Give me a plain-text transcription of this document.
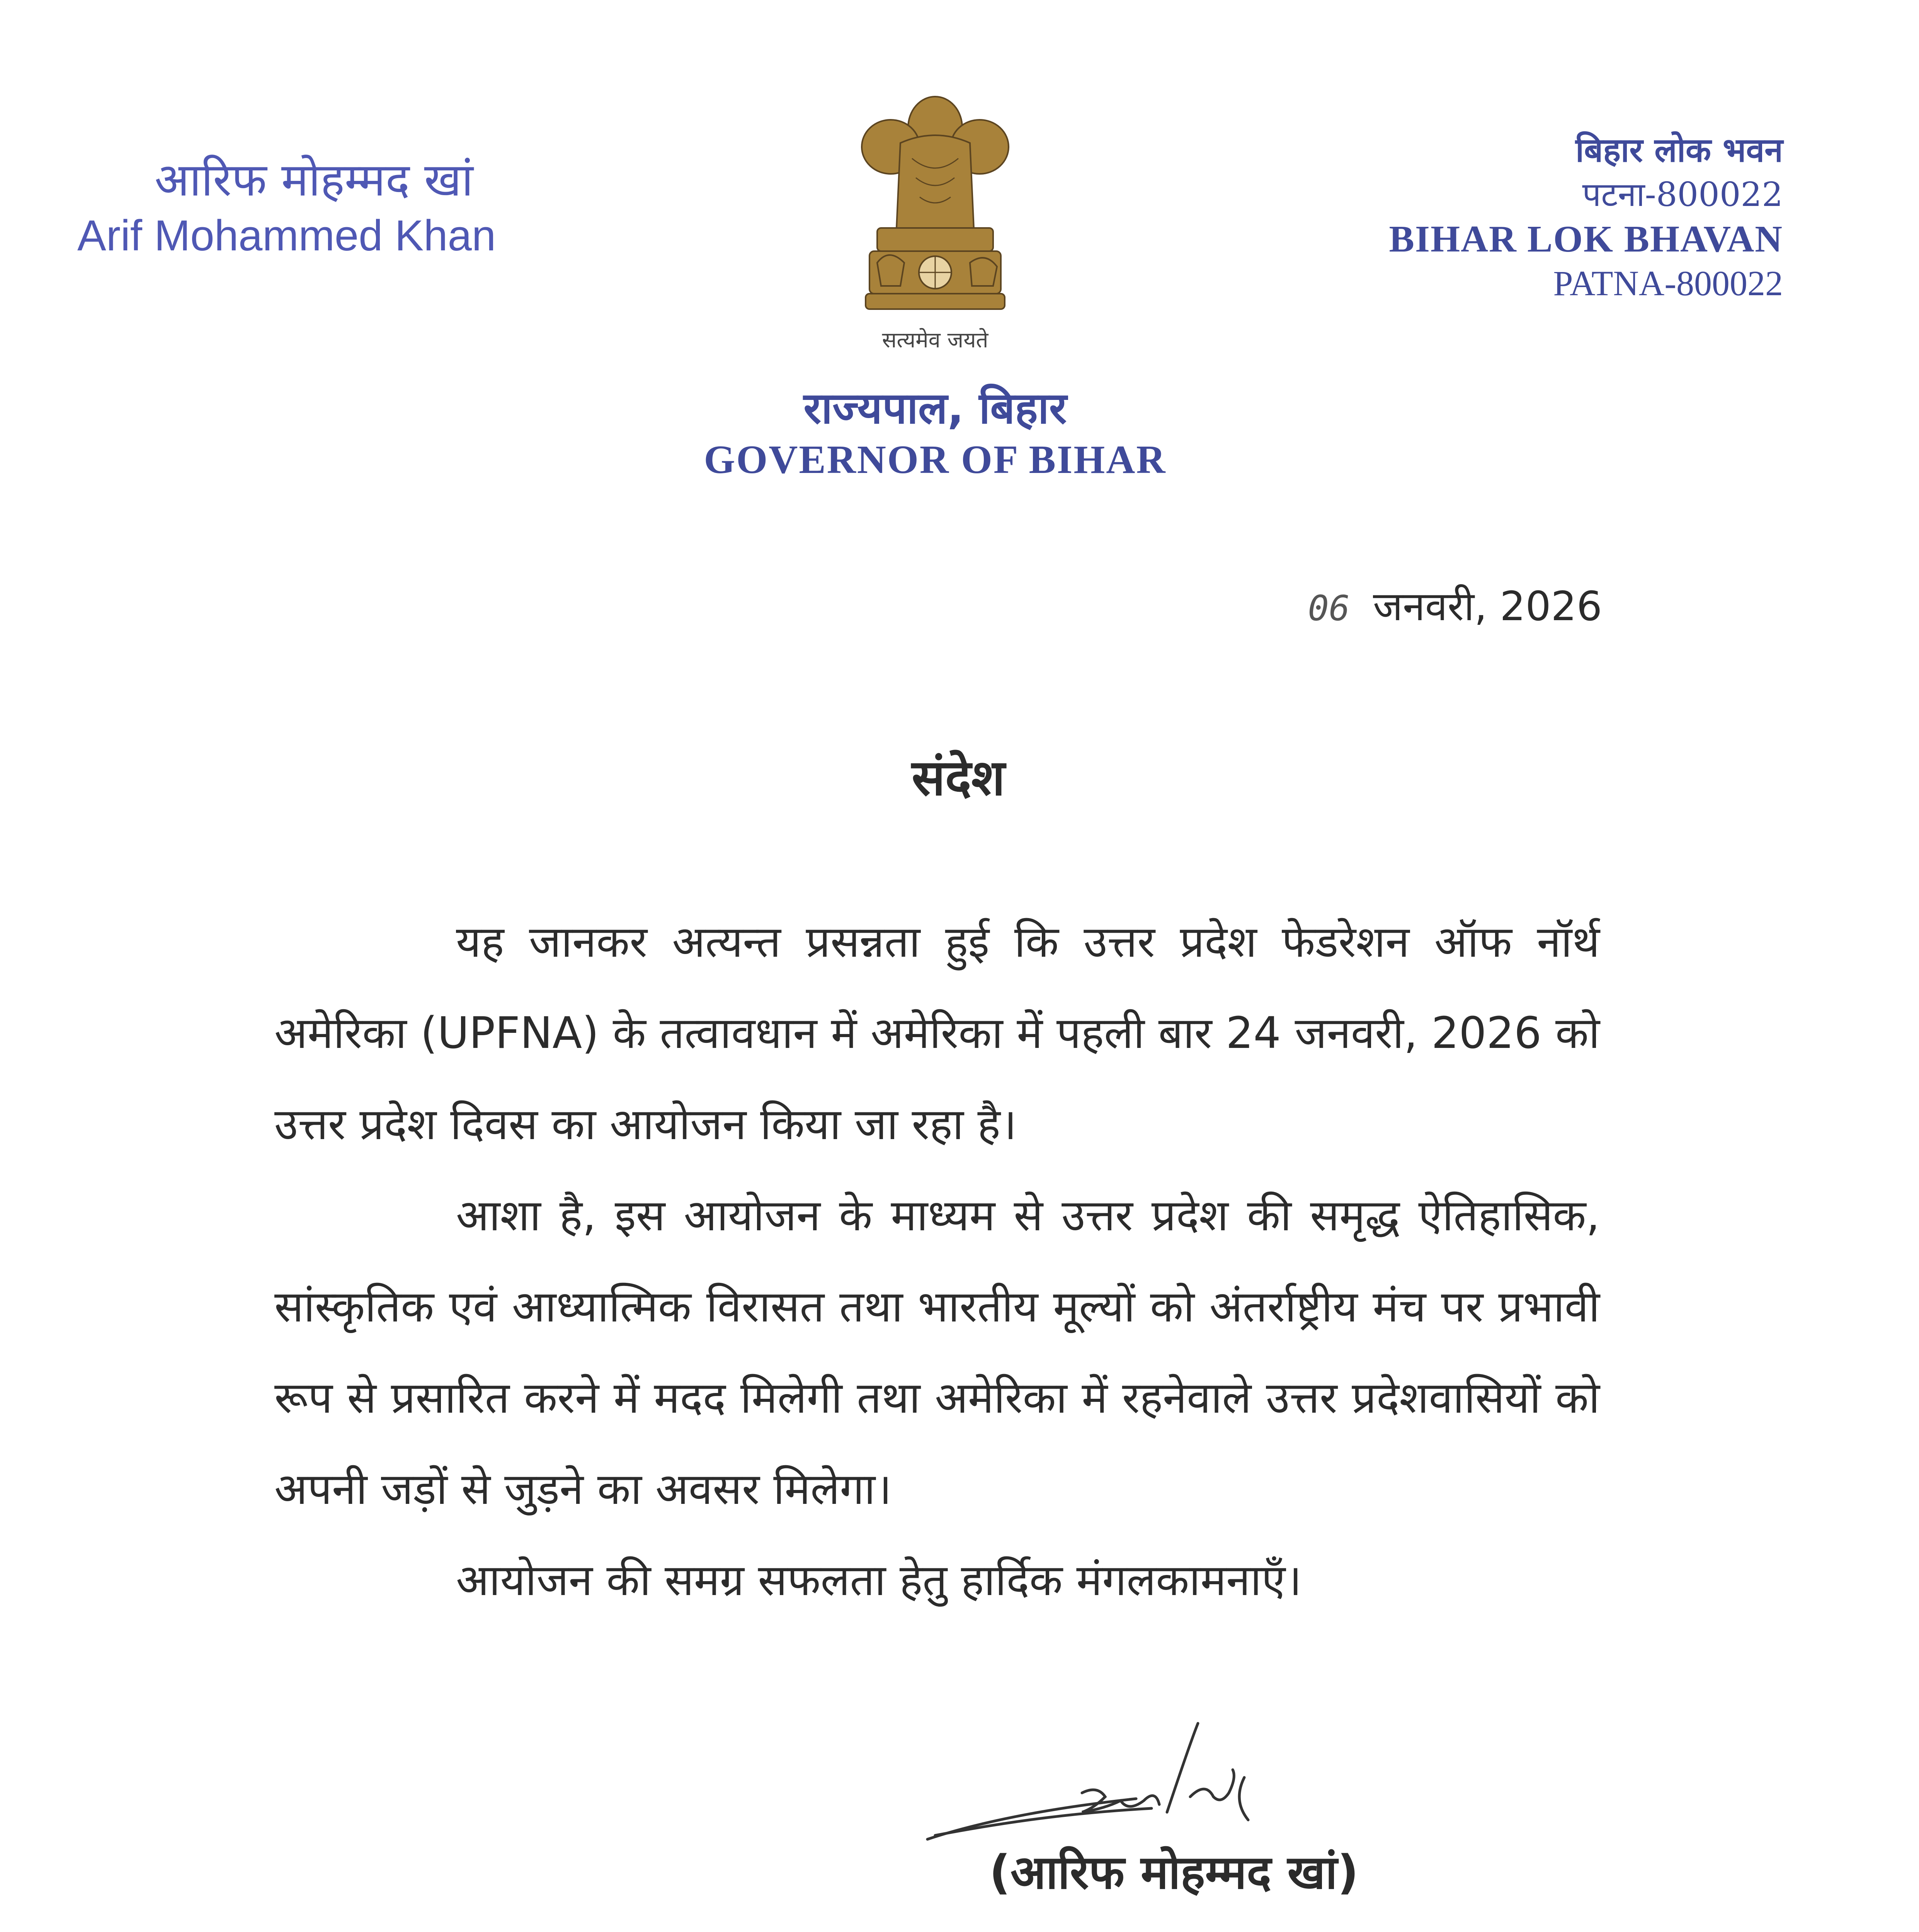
आरिफ मोहम्मद खां
Arif Mohammed Khan
सत्यमेव जयते
बिहार लोक भवन
पटना-800022
BIHAR LOK BHAVAN
PATNA-800022
राज्यपाल, बिहार
GOVERNOR OF BIHAR
06 जनवरी, 2026
संदेश

यह जानकर अत्यन्त प्रसन्नता हुई कि उत्तर प्रदेश फेडरेशन ऑफ नॉर्थ अमेरिका (UPFNA) के तत्वावधान में अमेरिका में पहली बार 24 जनवरी, 2026 को उत्तर प्रदेश दिवस का आयोजन किया जा रहा है।

आशा है, इस आयोजन के माध्यम से उत्तर प्रदेश की समृद्ध ऐतिहासिक, सांस्कृतिक एवं आध्यात्मिक विरासत तथा भारतीय मूल्यों को अंतर्राष्ट्रीय मंच पर प्रभावी रूप से प्रसारित करने में मदद मिलेगी तथा अमेरिका में रहनेवाले उत्तर प्रदेशवासियों को अपनी जड़ों से जुड़ने का अवसर मिलेगा।

आयोजन की समग्र सफलता हेतु हार्दिक मंगलकामनाएँ।

(आरिफ मोहम्मद खां)
